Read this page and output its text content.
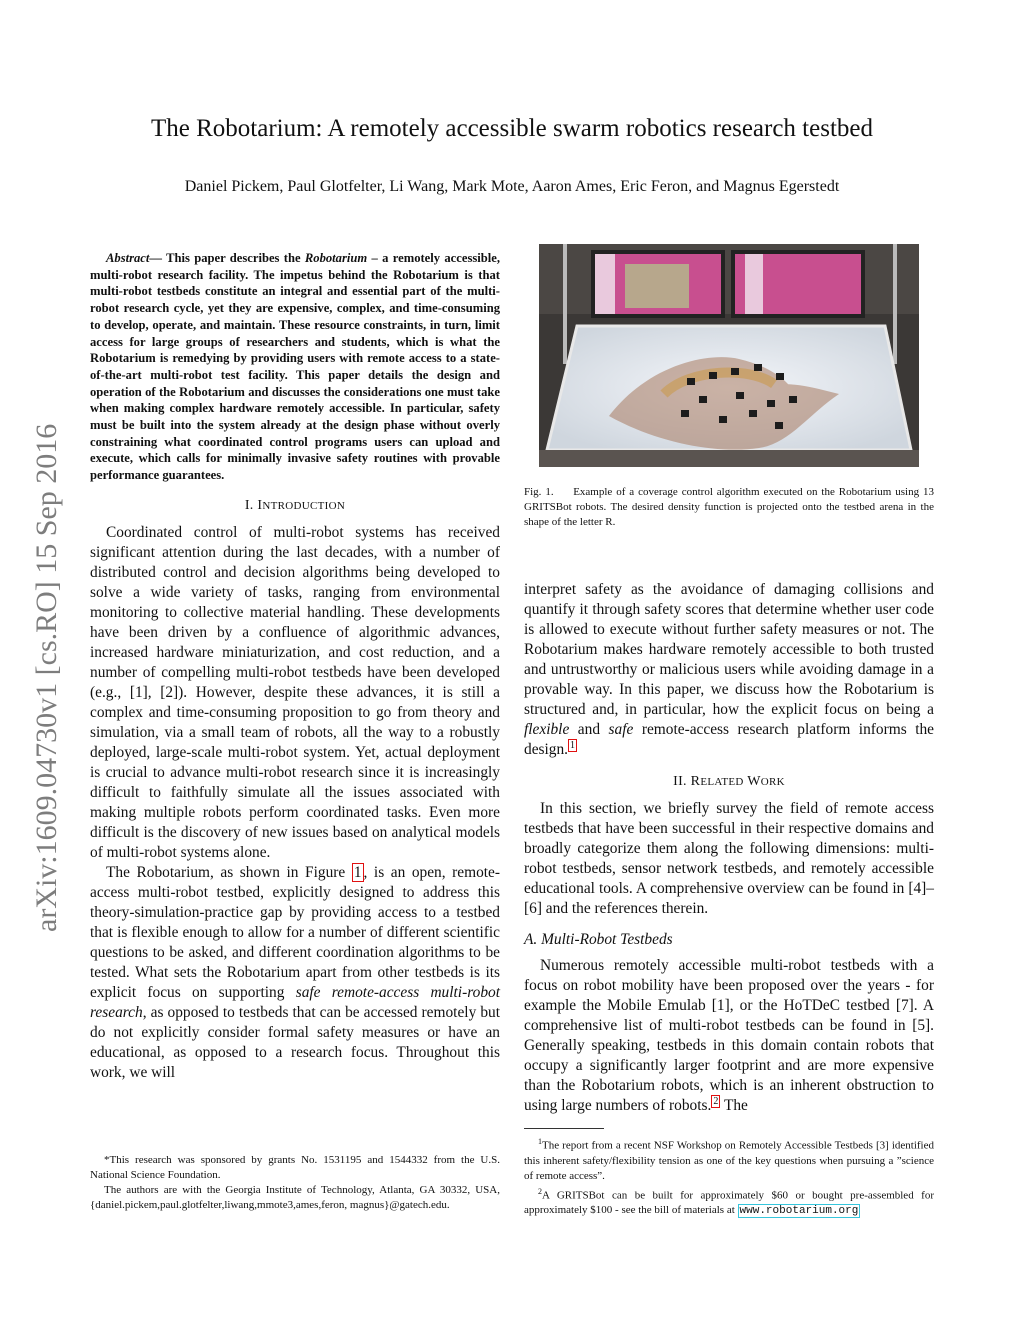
The Robotarium: A remotely accessible swarm robotics research testbed
Daniel Pickem, Paul Glotfelter, Li Wang, Mark Mote, Aaron Ames, Eric Feron, and Magnus Egerstedt
arXiv:1609.04730v1 [cs.RO] 15 Sep 2016
Abstract— This paper describes the Robotarium – a remotely accessible, multi-robot research facility. The impetus behind the Robotarium is that multi-robot testbeds constitute an integral and essential part of the multi-robot research cycle, yet they are expensive, complex, and time-consuming to develop, operate, and maintain. These resource constraints, in turn, limit access for large groups of researchers and students, which is what the Robotarium is remedying by providing users with remote access to a state-of-the-art multi-robot test facility. This paper details the design and operation of the Robotarium and discusses the considerations one must take when making complex hardware remotely accessible. In particular, safety must be built into the system already at the design phase without overly constraining what coordinated control programs users can upload and execute, which calls for minimally invasive safety routines with provable performance guarantees.
I. INTRODUCTION

Coordinated control of multi-robot systems has received significant attention during the last decades, with a number of distributed control and decision algorithms being developed to solve a wide variety of tasks, ranging from environmental monitoring to collective material handling. These developments have been driven by a confluence of algorithmic advances, increased hardware miniaturization, and cost reduction, and a number of compelling multi-robot testbeds have been developed (e.g., [1], [2]). However, despite these advances, it is still a complex and time-consuming proposition to go from theory and simulation, via a small team of robots, all the way to a robustly deployed, large-scale multi-robot system. Yet, actual deployment is crucial to advance multi-robot research since it is increasingly difficult to faithfully simulate all the issues associated with making multiple robots perform coordinated tasks. Even more difficult is the discovery of new issues based on analytical models of multi-robot systems alone.

The Robotarium, as shown in Figure 1 , is an open, remote-access multi-robot testbed, explicitly designed to address this theory-simulation-practice gap by providing access to a testbed that is flexible enough to allow for a number of different scientific questions to be asked, and different coordination algorithms to be tested. What sets the Robotarium apart from other testbeds is its explicit focus on supporting safe remote-access multi-robot research, as opposed to testbeds that can be accessed remotely but do not explicitly consider formal safety measures or have an educational, as opposed to a research focus. Throughout this work, we will

*This research was sponsored by grants No. 1531195 and 1544332 from the U.S. National Science Foundation.

The authors are with the Georgia Institute of Technology, Atlanta, GA 30332, USA, {daniel.pickem,paul.glotfelter,liwang,mmote3,ames,feron, magnus}@gatech.edu.

Fig. 1. Example of a coverage control algorithm executed on the Robotarium using 13 GRITSBot robots. The desired density function is projected onto the testbed arena in the shape of the letter R.

interpret safety as the avoidance of damaging collisions and quantify it through safety scores that determine whether user code is allowed to execute without further safety measures or not. The Robotarium makes hardware remotely accessible to both trusted and untrustworthy or malicious users while avoiding damage in a provable way. In this paper, we discuss how the Robotarium is structured and, in particular, how the explicit focus on being a flexible and safe remote-access research platform informs the design. $^1$

II. RELATED WORK

In this section, we briefly survey the field of remote access testbeds that have been successful in their respective domains and broadly categorize them along the following dimensions: multi-robot testbeds, sensor network testbeds, and remotely accessible educational tools. A comprehensive overview can be found in [4]–[6] and the references therein.

A. Multi-Robot Testbeds

Numerous remotely accessible multi-robot testbeds with a focus on robot mobility have been proposed over the years - for example the Mobile Emulab [1], or the HoTDeC testbed [7]. A comprehensive list of multi-robot testbeds can be found in [5]. Generally speaking, testbeds in this domain contain robots that occupy a significantly larger footprint and are more expensive than the Robotarium robots, which is an inherent obstruction to using large numbers of robots. $^2$ The

$^1$The report from a recent NSF Workshop on Remotely Accessible Testbeds [3] identified this inherent safety/flexibility tension as one of the key questions when pursuing a ”science of remote access”.

$^2$A GRITSBot can be built for approximately $60 or bought pre-assembled for approximately $100 - see the bill of materials at www.robotarium.org
